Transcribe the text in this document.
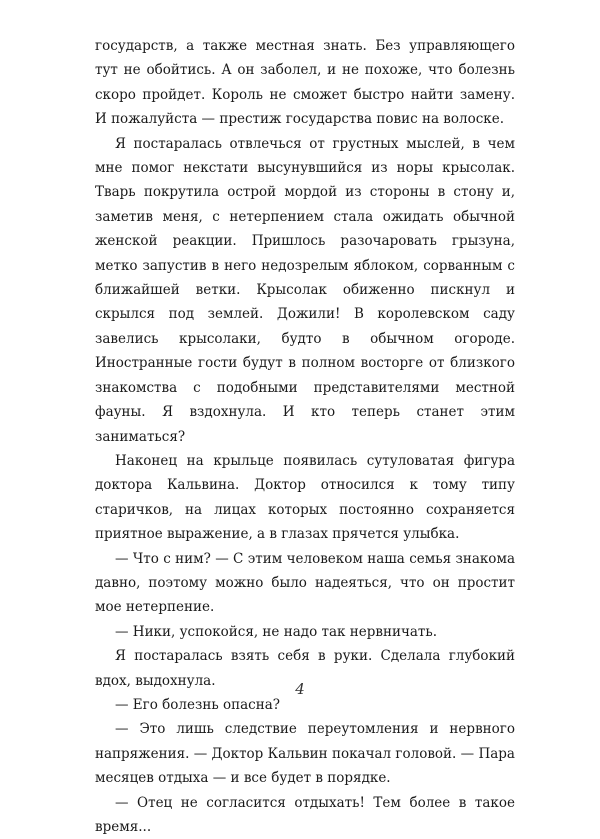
государств, а также местная знать. Без управляющего тут не обойтись. А он заболел, и не похоже, что болезнь скоро пройдет. Король не сможет быстро найти замену. И пожалуйста — престиж государства повис на волоске.

Я постаралась отвлечься от грустных мыслей, в чем мне помог некстати высунувшийся из норы крысолак. Тварь покрутила острой мордой из стороны в стону и, заметив меня, с нетерпением стала ожидать обычной женской реакции. Пришлось разочаровать грызуна, метко запустив в него недозрелым яблоком, сорванным с ближайшей ветки. Крысолак обиженно пискнул и скрылся под землей. Дожили! В королевском саду завелись крысолаки, будто в обычном огороде. Иностранные гости будут в полном восторге от близкого знакомства с подобными представителями местной фауны. Я вздохнула. И кто теперь станет этим заниматься?

Наконец на крыльце появилась сутуловатая фигура доктора Кальвина. Доктор относился к тому типу старичков, на лицах которых постоянно сохраняется приятное выражение, а в глазах прячется улыбка.

— Что с ним? — С этим человеком наша семья знакома давно, поэтому можно было надеяться, что он простит мое нетерпение.

— Ники, успокойся, не надо так нервничать.

Я постаралась взять себя в руки. Сделала глубокий вдох, выдохнула.

— Его болезнь опасна?

— Это лишь следствие переутомления и нервного напряжения. — Доктор Кальвин покачал головой. — Пара месяцев отдыха — и все будет в порядке.

— Отец не согласится отдыхать! Тем более в такое время...

4
